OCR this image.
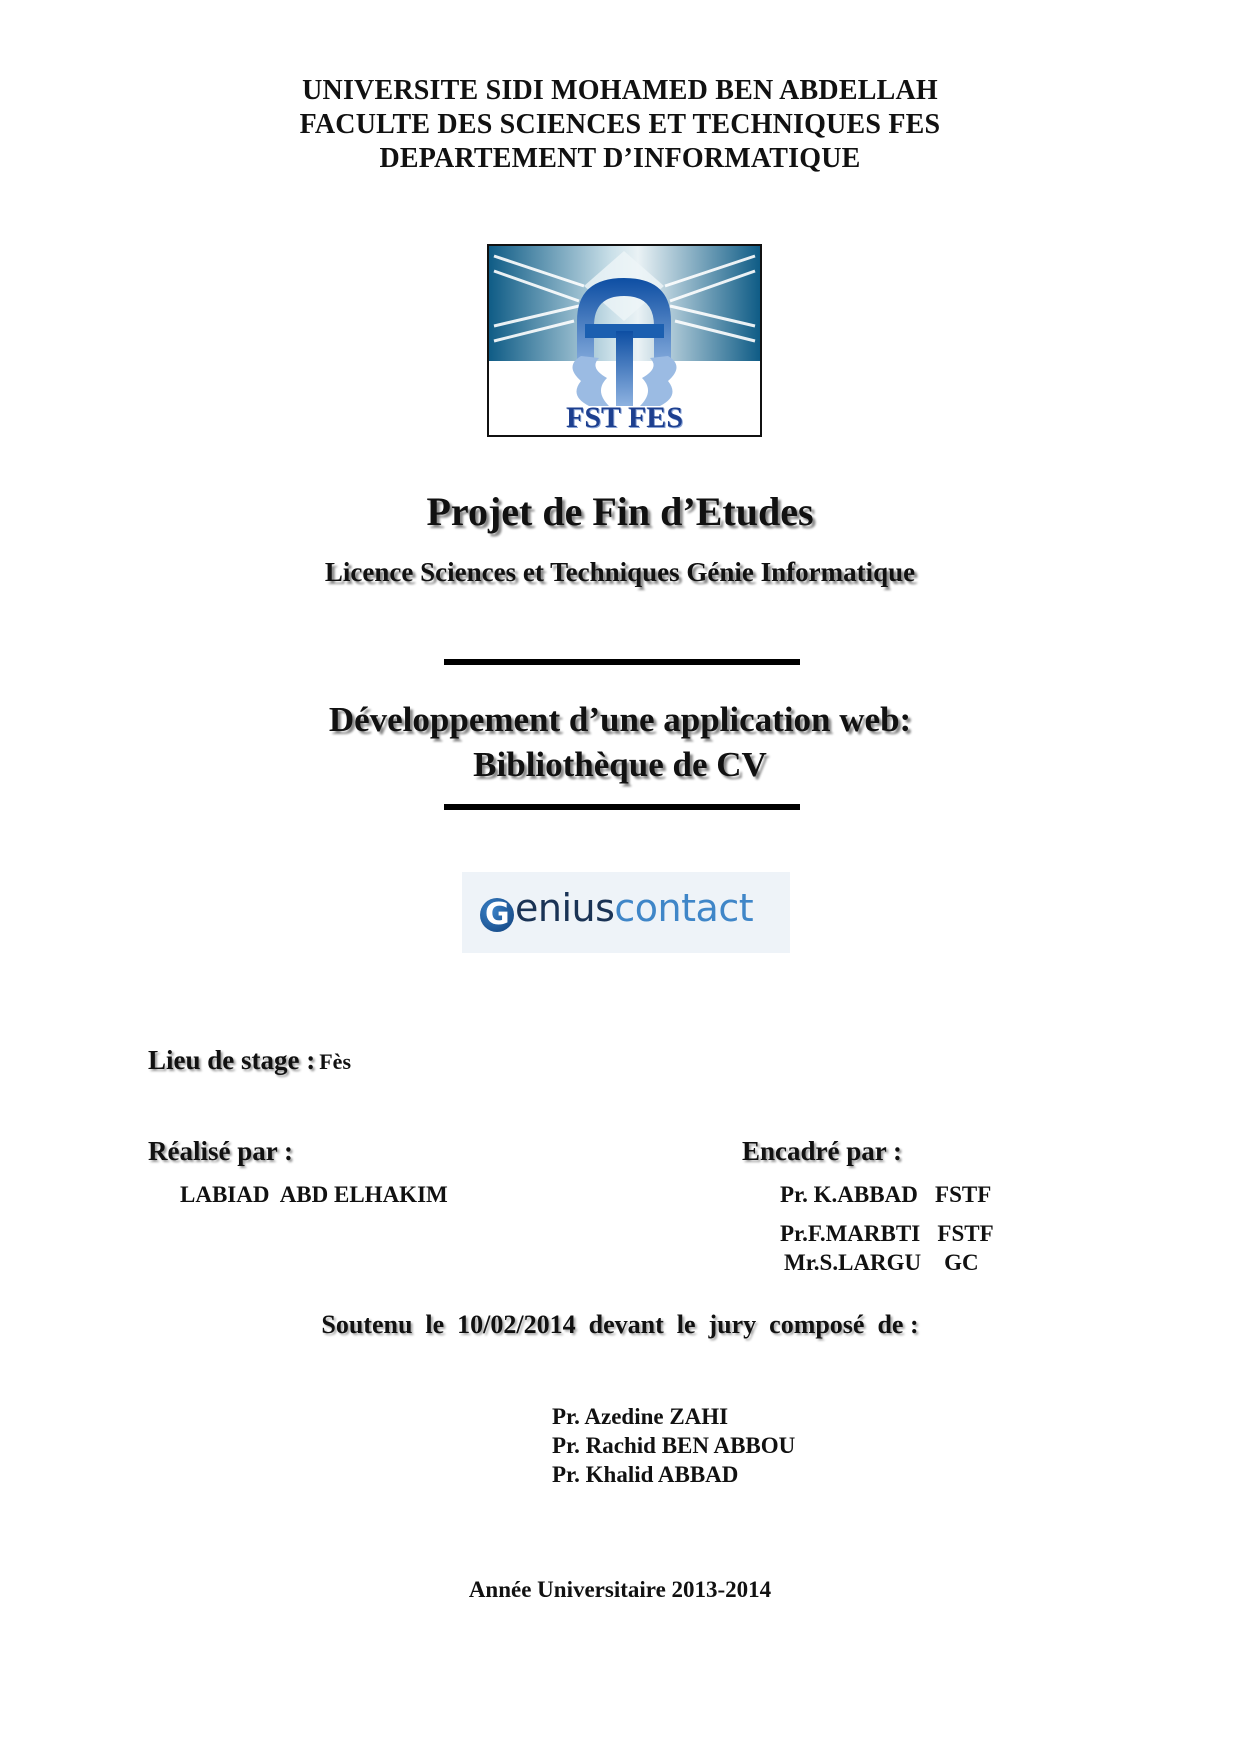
UNIVERSITE SIDI MOHAMED BEN ABDELLAH
FACULTE DES SCIENCES ET TECHNIQUES FES
DEPARTEMENT D’INFORMATIQUE
FST FES
Projet de Fin d’Etudes
Licence Sciences et Techniques Génie Informatique
Développement d’une application web:
Bibliothèque de CV
G eniuscontact
Lieu de stage : Fès
Réalisé par :
LABIAD  ABD ELHAKIM
Encadré par :
Pr. K.ABBAD   FSTF
Pr.F.MARBTI   FSTF
Mr.S.LARGU    GC
Soutenu  le  10/02/2014  devant  le  jury  composé  de :
Pr. Azedine ZAHI
Pr. Rachid BEN ABBOU
Pr. Khalid ABBAD
Année Universitaire 2013-2014
